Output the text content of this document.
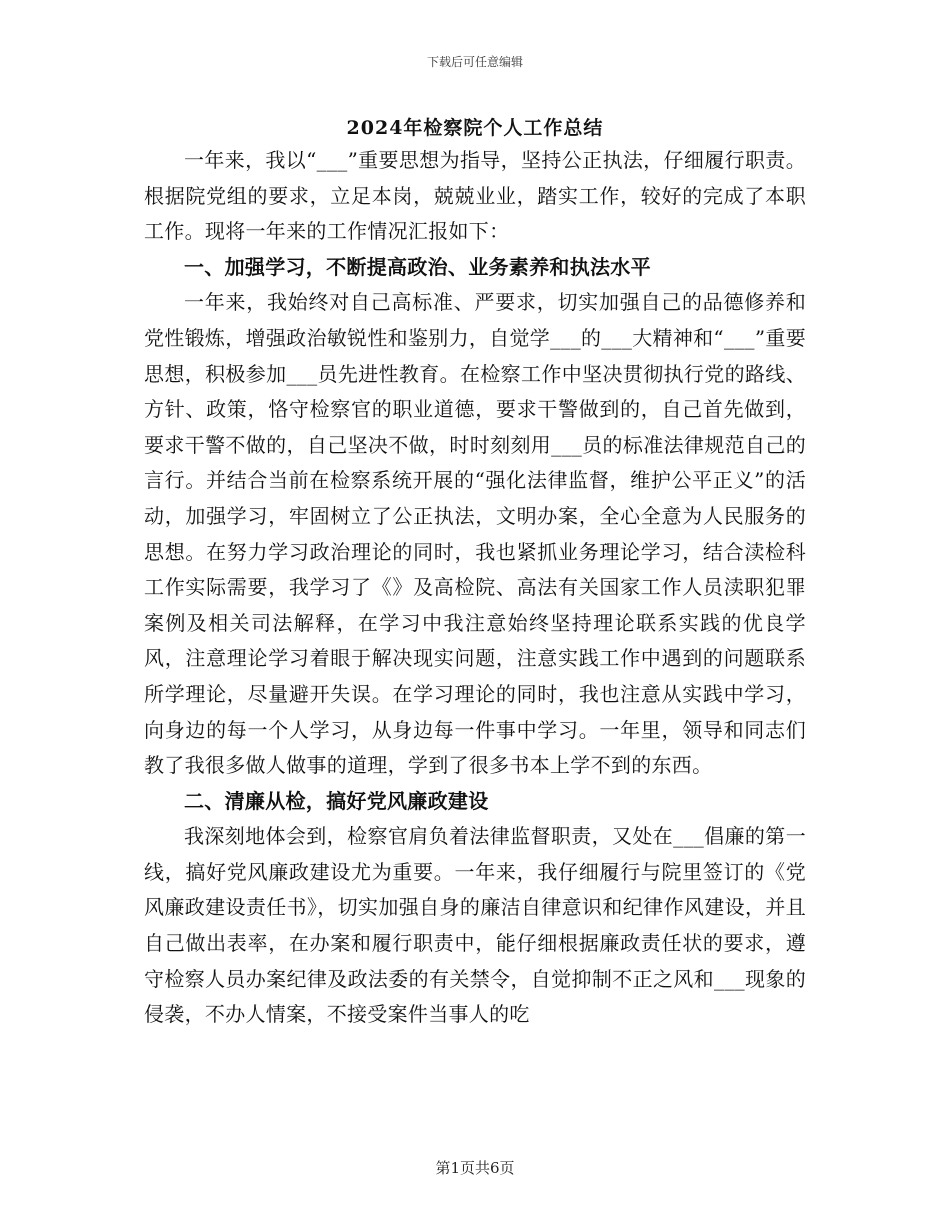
下载后可任意编辑
2024年检察院个人工作总结

一年来，我以“___”重要思想为指导，坚持公正执法，仔细履行职责。根据院党组的要求，立足本岗，兢兢业业，踏实工作，较好的完成了本职工作。现将一年来的工作情况汇报如下：

一、加强学习，不断提高政治、业务素养和执法水平

一年来，我始终对自己高标准、严要求，切实加强自己的品德修养和党性锻炼，增强政治敏锐性和鉴别力，自觉学___的___大精神和“___”重要思想，积极参加___员先进性教育。在检察工作中坚决贯彻执行党的路线、方针、政策，恪守检察官的职业道德，要求干警做到的，自己首先做到，要求干警不做的，自己坚决不做，时时刻刻用___员的标准法律规范自己的言行。并结合当前在检察系统开展的“强化法律监督，维护公平正义”的活动，加强学习，牢固树立了公正执法，文明办案，全心全意为人民服务的思想。在努力学习政治理论的同时，我也紧抓业务理论学习，结合渎检科工作实际需要，我学习了《》及高检院、高法有关国家工作人员渎职犯罪案例及相关司法解释，在学习中我注意始终坚持理论联系实践的优良学风，注意理论学习着眼于解决现实问题，注意实践工作中遇到的问题联系所学理论，尽量避开失误。在学习理论的同时，我也注意从实践中学习，向身边的每一个人学习，从身边每一件事中学习。一年里，领导和同志们教了我很多做人做事的道理，学到了很多书本上学不到的东西。

二、清廉从检，搞好党风廉政建设

我深刻地体会到，检察官肩负着法律监督职责，又处在___倡廉的第一线，搞好党风廉政建设尤为重要。一年来，我仔细履行与院里签订的《党风廉政建设责任书》，切实加强自身的廉洁自律意识和纪律作风建设，并且自己做出表率，在办案和履行职责中，能仔细根据廉政责任状的要求，遵守检察人员办案纪律及政法委的有关禁令，自觉抑制不正之风和___现象的侵袭，不办人情案，不接受案件当事人的吃

第1页共6页
